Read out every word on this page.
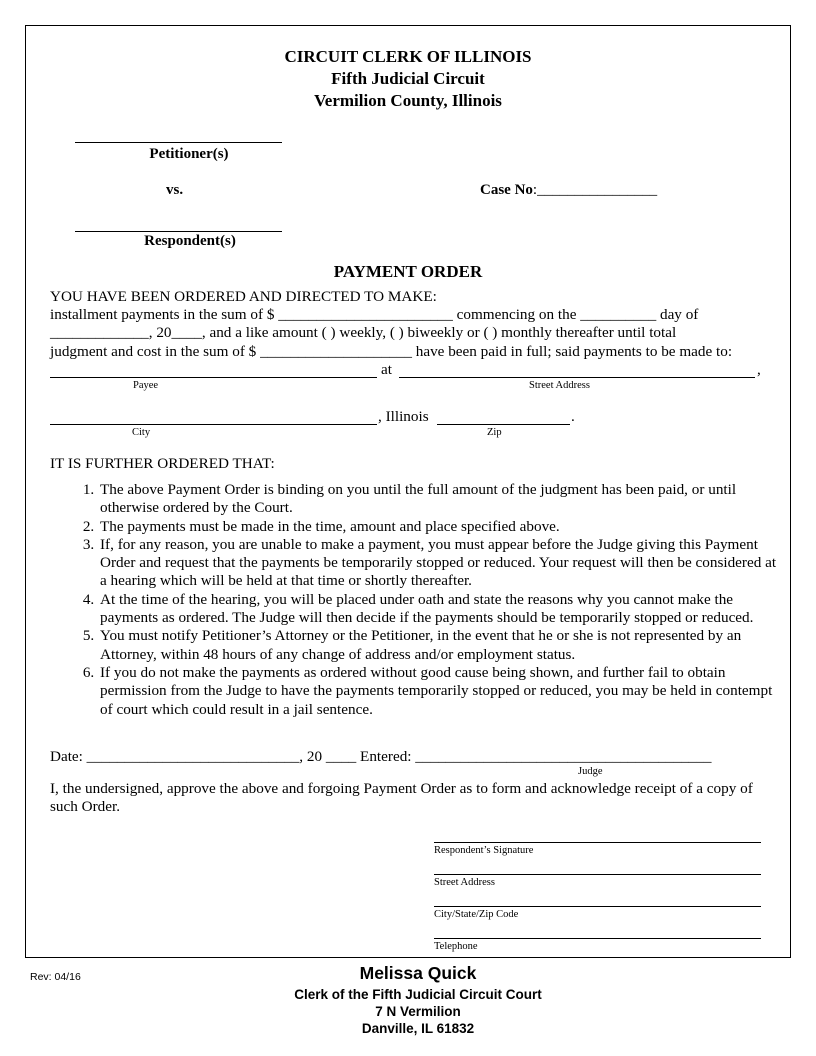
CIRCUIT CLERK OF ILLINOIS
Fifth Judicial Circuit
Vermilion County, Illinois
Petitioner(s)
vs.	Case No:________________
Respondent(s)
PAYMENT ORDER
YOU HAVE BEEN ORDERED AND DIRECTED TO MAKE:
installment payments in the sum of $ _______________________ commencing on the __________ day of
_____________, 20____, and a like amount ( ) weekly, ( ) biweekly or ( ) monthly thereafter until total
judgment and cost in the sum of $ ____________________ have been paid in full; said payments to be made to:
at	,
Payee	Street Address
, Illinois	.
City	Zip
IT IS FURTHER ORDERED THAT:
1. The above Payment Order is binding on you until the full amount of the judgment has been paid, or until otherwise ordered by the Court.
2. The payments must be made in the time, amount and place specified above.
3. If, for any reason, you are unable to make a payment, you must appear before the Judge giving this Payment Order and request that the payments be temporarily stopped or reduced. Your request will then be considered at a hearing which will be held at that time or shortly thereafter.
4. At the time of the hearing, you will be placed under oath and state the reasons why you cannot make the payments as ordered. The Judge will then decide if the payments should be temporarily stopped or reduced.
5. You must notify Petitioner’s Attorney or the Petitioner, in the event that he or she is not represented by an Attorney, within 48 hours of any change of address and/or employment status.
6. If you do not make the payments as ordered without good cause being shown, and further fail to obtain permission from the Judge to have the payments temporarily stopped or reduced, you may be held in contempt of court which could result in a jail sentence.
Date: ____________________________, 20 ____ Entered: _______________________________________
Judge
I, the undersigned, approve the above and forgoing Payment Order as to form and acknowledge receipt of a copy of such Order.
Respondent’s Signature
Street Address
City/State/Zip Code
Telephone
Rev: 04/16	Melissa Quick
Clerk of the Fifth Judicial Circuit Court
7 N Vermilion
Danville, IL 61832
